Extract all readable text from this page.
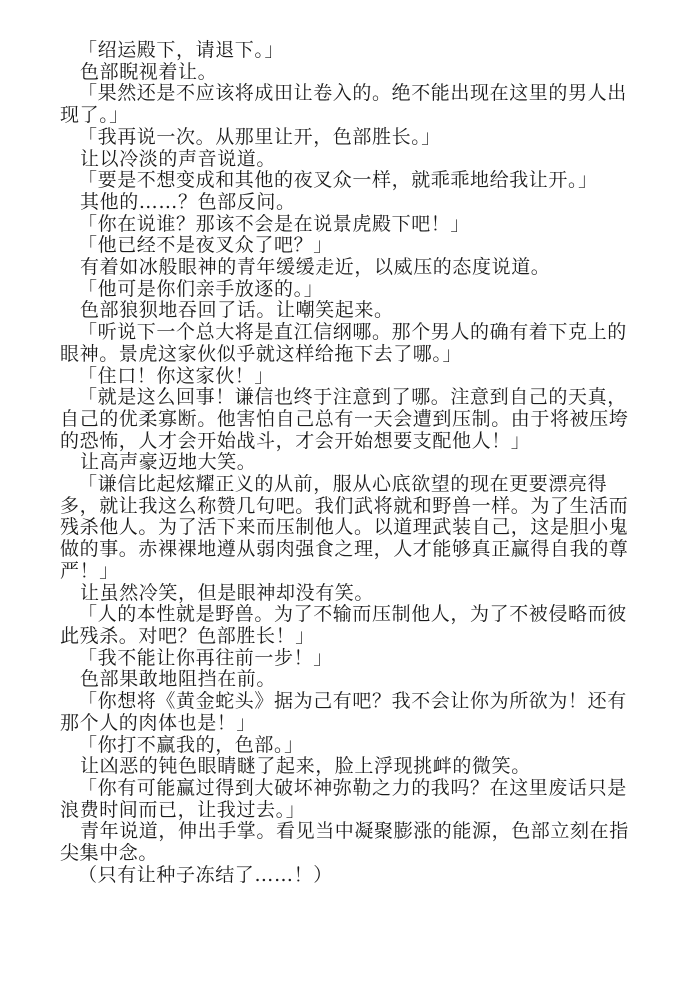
「绍运殿下，请退下。」

色部睨视着让。

「果然还是不应该将成田让卷入的。绝不能出现在这里的男人出现了。」

「我再说一次。从那里让开，色部胜长。」

让以冷淡的声音说道。

「要是不想变成和其他的夜叉众一样，就乖乖地给我让开。」

其他的……？色部反问。

「你在说谁？那该不会是在说景虎殿下吧！」

「他已经不是夜叉众了吧？」

有着如冰般眼神的青年缓缓走近，以威压的态度说道。

「他可是你们亲手放逐的。」

色部狼狈地吞回了话。让嘲笑起来。

「听说下一个总大将是直江信纲哪。那个男人的确有着下克上的眼神。景虎这家伙似乎就这样给拖下去了哪。」

「住口！你这家伙！」

「就是这么回事！谦信也终于注意到了哪。注意到自己的天真，自己的优柔寡断。他害怕自己总有一天会遭到压制。由于将被压垮的恐怖，人才会开始战斗，才会开始想要支配他人！」

让高声豪迈地大笑。

「谦信比起炫耀正义的从前，服从心底欲望的现在更要漂亮得多，就让我这么称赞几句吧。我们武将就和野兽一样。为了生活而残杀他人。为了活下来而压制他人。以道理武装自己，这是胆小鬼做的事。赤裸裸地遵从弱肉强食之理，人才能够真正赢得自我的尊严！」

让虽然冷笑，但是眼神却没有笑。

「人的本性就是野兽。为了不输而压制他人，为了不被侵略而彼此残杀。对吧？色部胜长！」

「我不能让你再往前一步！」

色部果敢地阻挡在前。

「你想将《黄金蛇头》据为己有吧？我不会让你为所欲为！还有那个人的肉体也是！」

「你打不赢我的，色部。」

让凶恶的钝色眼睛瞇了起来，脸上浮现挑衅的微笑。

「你有可能赢过得到大破坏神弥勒之力的我吗？在这里废话只是浪费时间而已，让我过去。」

青年说道，伸出手掌。看见当中凝聚膨涨的能源，色部立刻在指尖集中念。

（只有让种子冻结了……！）
